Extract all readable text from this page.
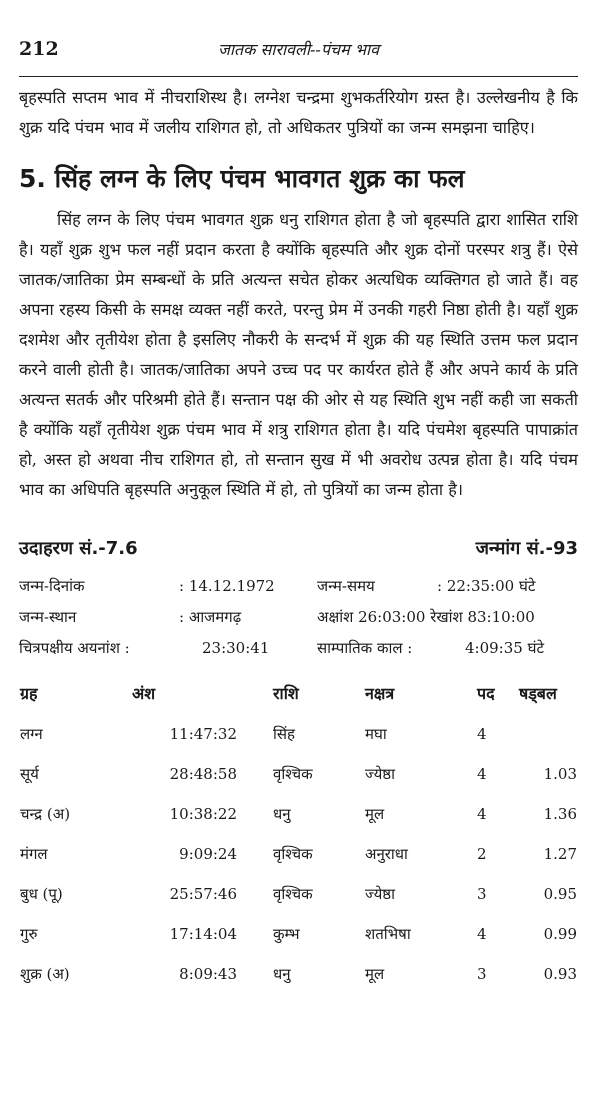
212	जातक सारावली--पंचम भाव

बृहस्पति सप्तम भाव में नीचराशिस्थ है। लग्नेश चन्द्रमा शुभकर्तरियोग ग्रस्त है। उल्लेखनीय है कि शुक्र यदि पंचम भाव में जलीय राशिगत हो, तो अधिकतर पुत्रियों का जन्म समझना चाहिए।

5. सिंह लग्न के लिए पंचम भावगत शुक्र का फल

सिंह लग्न के लिए पंचम भावगत शुक्र धनु राशिगत होता है जो बृहस्पति द्वारा शासित राशि है। यहाँ शुक्र शुभ फल नहीं प्रदान करता है क्योंकि बृहस्पति और शुक्र दोनों परस्पर शत्रु हैं। ऐसे जातक/जातिका प्रेम सम्बन्धों के प्रति अत्यन्त सचेत होकर अत्यधिक व्यक्तिगत हो जाते हैं। वह अपना रहस्य किसी के समक्ष व्यक्त नहीं करते, परन्तु प्रेम में उनकी गहरी निष्ठा होती है। यहाँ शुक्र दशमेश और तृतीयेश होता है इसलिए नौकरी के सन्दर्भ में शुक्र की यह स्थिति उत्तम फल प्रदान करने वाली होती है। जातक/जातिका अपने उच्च पद पर कार्यरत होते हैं और अपने कार्य के प्रति अत्यन्त सतर्क और परिश्रमी होते हैं। सन्तान पक्ष की ओर से यह स्थिति शुभ नहीं कही जा सकती है क्योंकि यहाँ तृतीयेश शुक्र पंचम भाव में शत्रु राशिगत होता है। यदि पंचमेश बृहस्पति पापाक्रांत हो, अस्त हो अथवा नीच राशिगत हो, तो सन्तान सुख में भी अवरोध उत्पन्न होता है। यदि पंचम भाव का अधिपति बृहस्पति अनुकूल स्थिति में हो, तो पुत्रियों का जन्म होता है।

उदाहरण सं.-7.6	जन्मांग सं.-93
जन्म-दिनांक	: 14.12.1972	जन्म-समय	: 22:35:00 घंटे
जन्म-स्थान	: आजमगढ़	अक्षांश 26:03:00 रेखांश 83:10:00
चित्रपक्षीय अयनांश :	23:30:41	साम्पातिक काल :	4:09:35 घंटे
ग्रह	अंश	राशि	नक्षत्र	पद	षड्बल
लग्न	11:47:32	सिंह	मघा	4	
सूर्य	28:48:58	वृश्चिक	ज्येष्ठा	4	1.03
चन्द्र (अ)	10:38:22	धनु	मूल	4	1.36
मंगल	9:09:24	वृश्चिक	अनुराधा	2	1.27
बुध (पू)	25:57:46	वृश्चिक	ज्येष्ठा	3	0.95
गुरु	17:14:04	कुम्भ	शतभिषा	4	0.99
शुक्र (अ)	8:09:43	धनु	मूल	3	0.93
